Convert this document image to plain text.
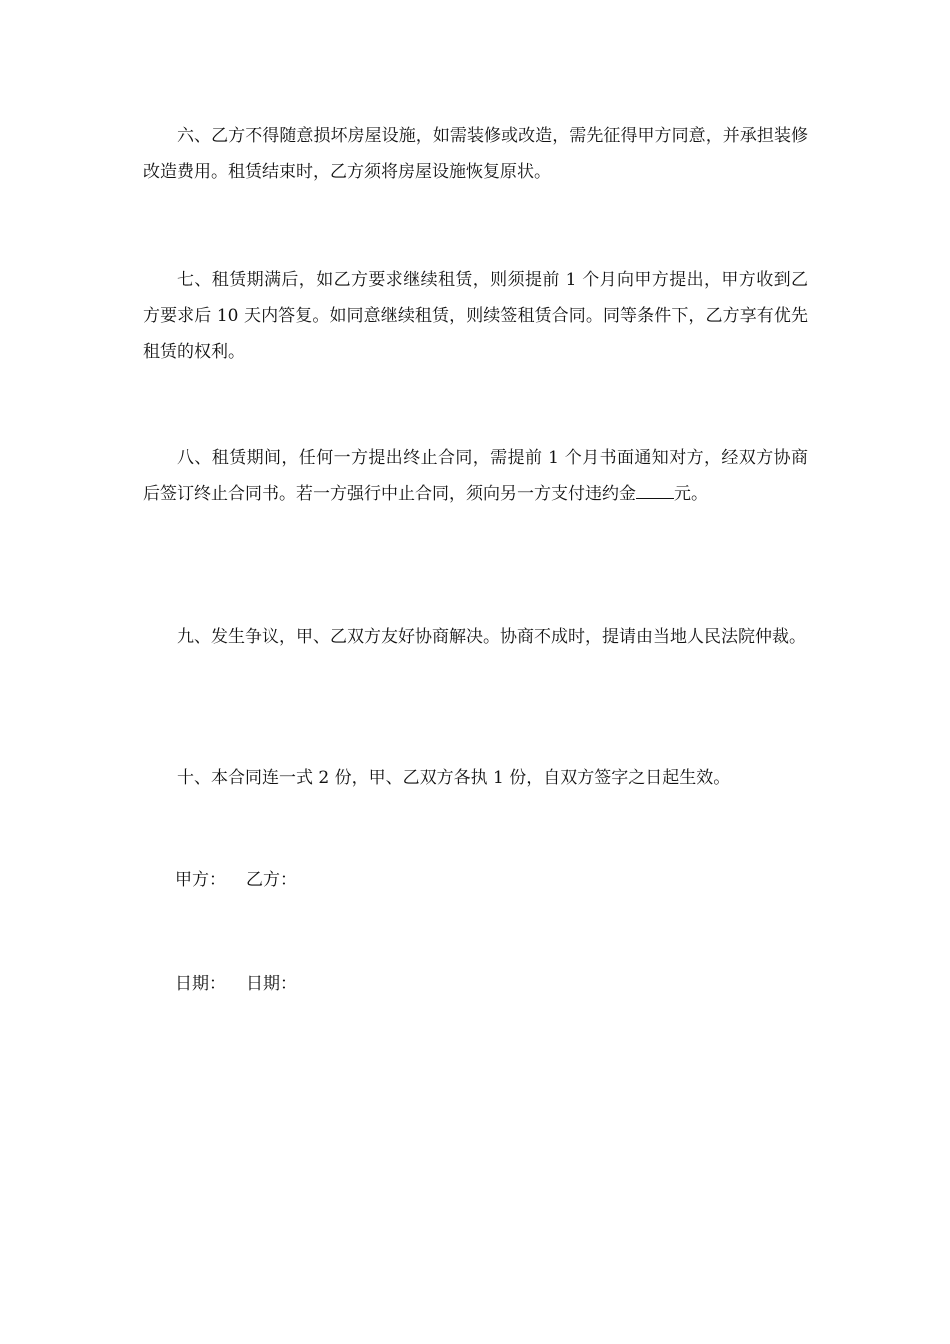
六、乙方不得随意损坏房屋设施，如需装修或改造，需先征得甲方同意，并承担装修改造费用。租赁结束时，乙方须将房屋设施恢复原状。

七、租赁期满后，如乙方要求继续租赁，则须提前 1 个月向甲方提出，甲方收到乙方要求后 10 天内答复。如同意继续租赁，则续签租赁合同。同等条件下，乙方享有优先租赁的权利。

八、租赁期间，任何一方提出终止合同，需提前 1 个月书面通知对方，经双方协商后签订终止合同书。若一方强行中止合同，须向另一方支付违约金 元。

九、发生争议，甲、乙双方友好协商解决。协商不成时，提请由当地人民法院仲裁。

十、本合同连一式 2 份，甲、乙双方各执 1 份，自双方签字之日起生效。

甲方： 乙方：
日期： 日期：
